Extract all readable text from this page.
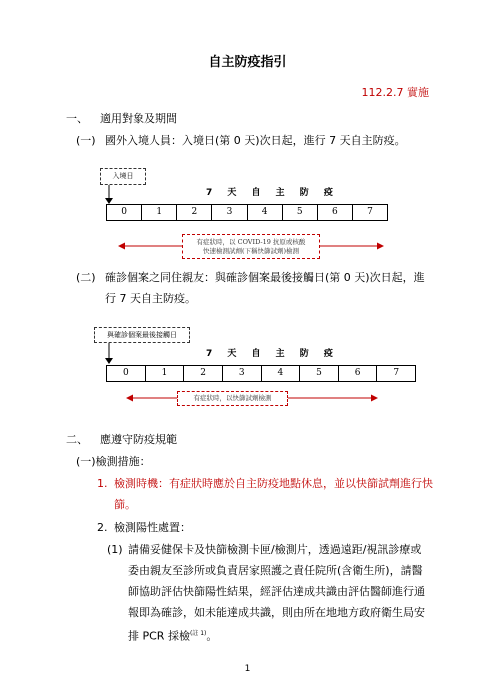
自主防疫指引
112.2.7 實施
一、 適用對象及期間
(一) 國外入境人員：入境日(第 0 天)次日起，進行 7 天自主防疫。
入境日
7 天 自 主 防 疫
0	1	2	3	4	5	6	7
有症狀時，以 COVID-19 抗原或核酸
快速檢測試劑(下稱快篩試劑)檢測
(二) 確診個案之同住親友：與確診個案最後接觸日(第 0 天)次日起，進
行 7 天自主防疫。
與確診個案最後接觸日
7 天 自 主 防 疫
0	1	2	3	4	5	6	7
有症狀時，以快篩試劑檢測
二、 應遵守防疫規範
(一)檢測措施：
1. 檢測時機：有症狀時應於自主防疫地點休息，並以快篩試劑進行快
篩。
2. 檢測陽性處置：
(1) 請備妥健保卡及快篩檢測卡匣/檢測片，透過遠距/視訊診療或
委由親友至診所或負責居家照護之責任院所(含衛生所)，請醫
師協助評估快篩陽性結果，經評估達成共識由評估醫師進行通
報即為確診，如未能達成共識，則由所在地地方政府衛生局安
排 PCR 採檢$^{(註 1)}$。
1
